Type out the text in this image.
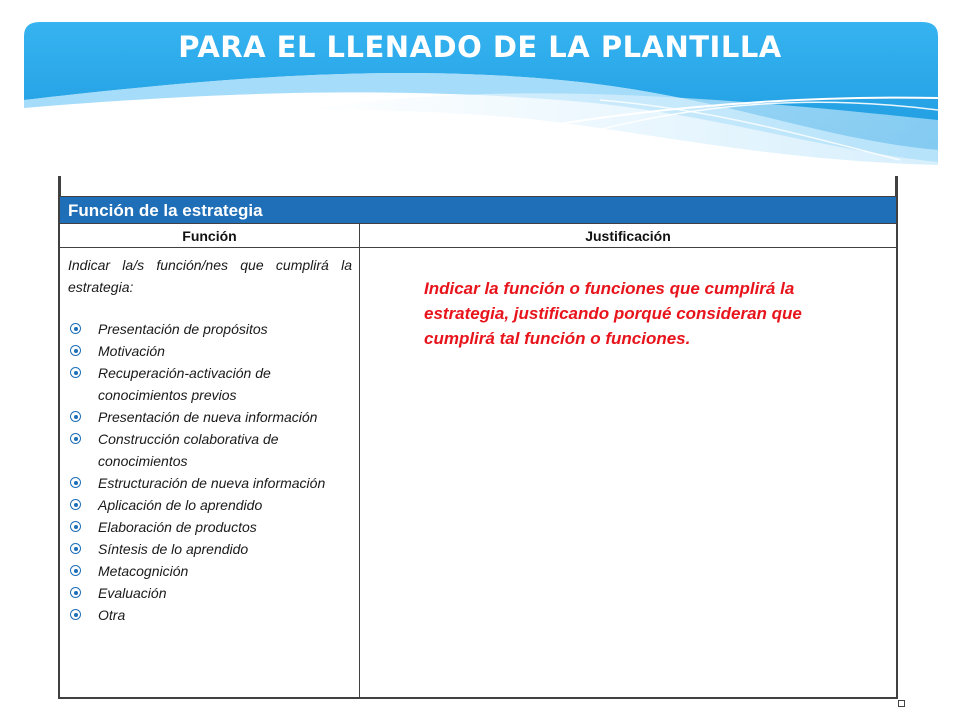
PARA EL LLENADO DE LA PLANTILLA
Función de la estrategia
Función	Justificación

Indicar la/s función/nes que cumplirá la estrategia:

Presentación de propósitos
Motivación
Recuperación-activación de conocimientos previos
Presentación de nueva información
Construcción colaborativa de conocimientos
Estructuración de nueva información
Aplicación de lo aprendido
Elaboración de productos
Síntesis de lo aprendido
Metacognición
Evaluación
Otra

Indicar la función o funciones que cumplirá la estrategia, justificando porqué consideran que cumplirá tal función o funciones.
